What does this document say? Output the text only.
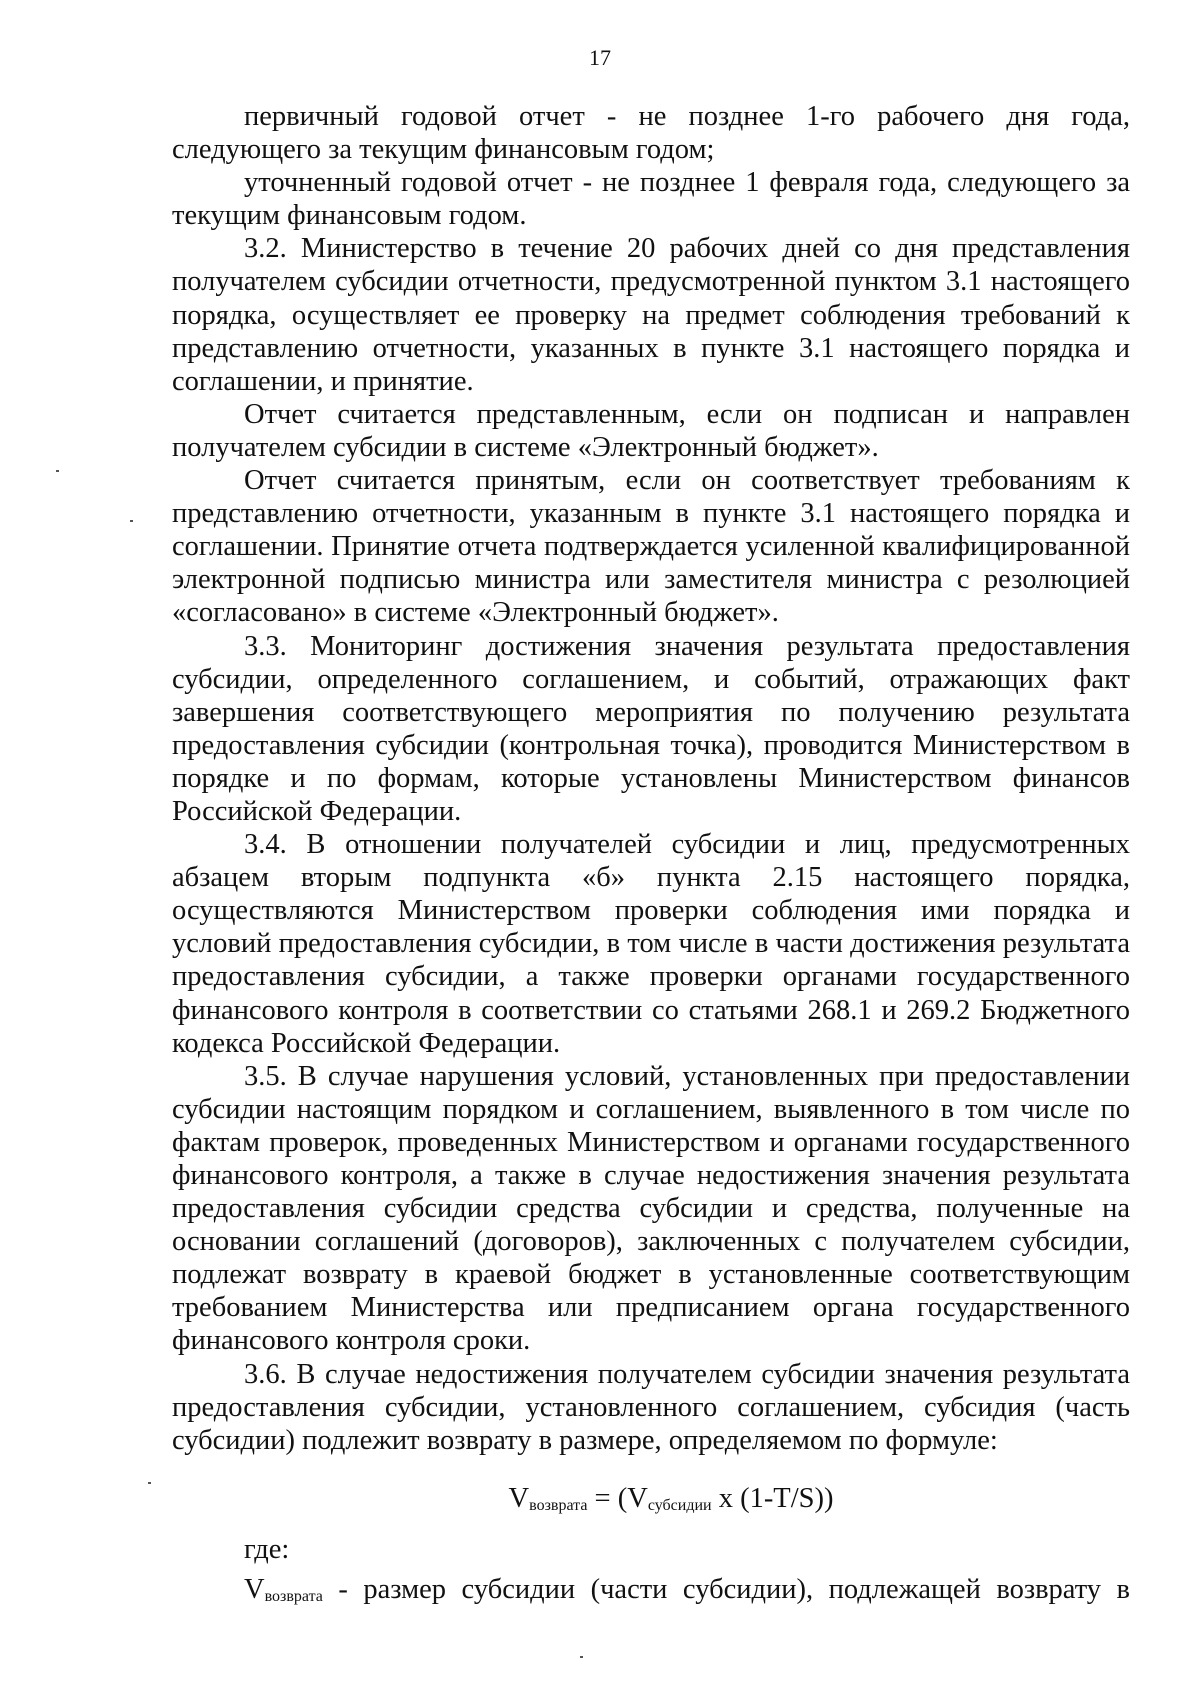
17

первичный годовой отчет - не позднее 1-го рабочего дня года, следующего за текущим финансовым годом;

уточненный годовой отчет - не позднее 1 февраля года, следующего за текущим финансовым годом.

3.2. Министерство в течение 20 рабочих дней со дня представления получателем субсидии отчетности, предусмотренной пунктом 3.1 настоящего порядка, осуществляет ее проверку на предмет соблюдения требований к представлению отчетности, указанных в пункте 3.1 настоящего порядка и соглашении, и принятие.

Отчет считается представленным, если он подписан и направлен получателем субсидии в системе «Электронный бюджет».

Отчет считается принятым, если он соответствует требованиям к представлению отчетности, указанным в пункте 3.1 настоящего порядка и соглашении. Принятие отчета подтверждается усиленной квалифицированной электронной подписью министра или заместителя министра с резолюцией «согласовано» в системе «Электронный бюджет».

3.3. Мониторинг достижения значения результата предоставления субсидии, определенного соглашением, и событий, отражающих факт завершения соответствующего мероприятия по получению результата предоставления субсидии (контрольная точка), проводится Министерством в порядке и по формам, которые установлены Министерством финансов Российской Федерации.

3.4. В отношении получателей субсидии и лиц, предусмотренных абзацем вторым подпункта «б» пункта 2.15 настоящего порядка, осуществляются Министерством проверки соблюдения ими порядка и условий предоставления субсидии, в том числе в части достижения результата предоставления субсидии, а также проверки органами государственного финансового контроля в соответствии со статьями 268.1 и 269.2 Бюджетного кодекса Российской Федерации.

3.5. В случае нарушения условий, установленных при предоставлении субсидии настоящим порядком и соглашением, выявленного в том числе по фактам проверок, проведенных Министерством и органами государственного финансового контроля, а также в случае недостижения значения результата предоставления субсидии средства субсидии и средства, полученные на основании соглашений (договоров), заключенных с получателем субсидии, подлежат возврату в краевой бюджет в установленные соответствующим требованием Министерства или предписанием органа государственного финансового контроля сроки.

3.6. В случае недостижения получателем субсидии значения результата предоставления субсидии, установленного соглашением, субсидия (часть субсидии) подлежит возврату в размере, определяемом по формуле:

Vвозврата = (Vсубсидии x (1-T/S))

где:

Vвозврата - размер субсидии (части субсидии), подлежащей возврату в
